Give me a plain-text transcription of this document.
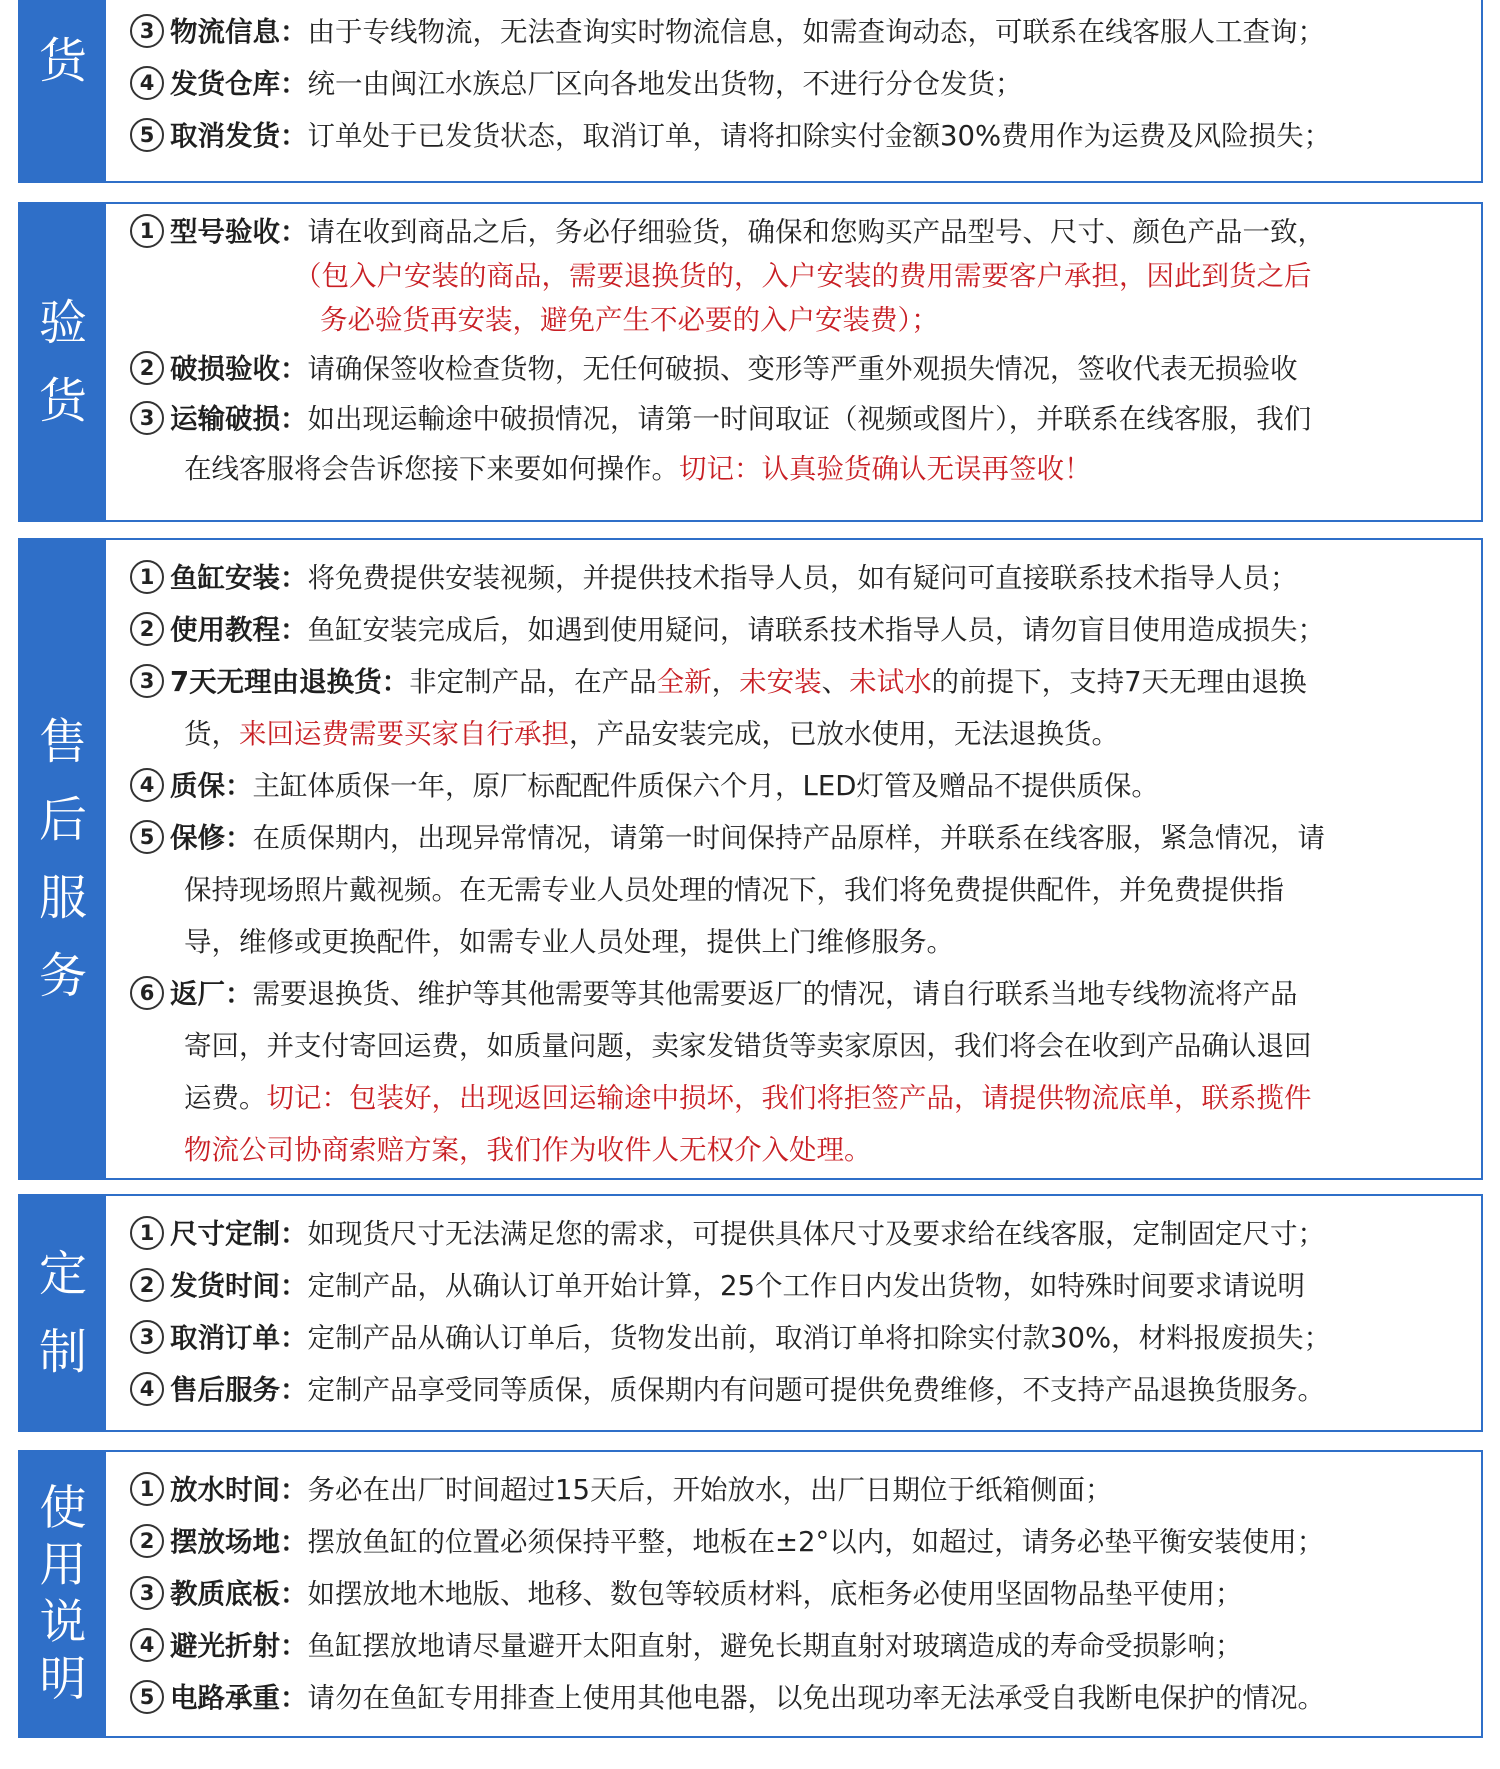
货
3 物流信息：由于专线物流，无法查询实时物流信息，如需查询动态，可联系在线客服人工查询；
4 发货仓库：统一由闽江水族总厂区向各地发出货物，不进行分仓发货；
5 取消发货：订单处于已发货状态，取消订单，请将扣除实付金额30%费用作为运费及风险损失；
验
货
1 型号验收：请在收到商品之后，务必仔细验货，确保和您购买产品型号、尺寸、颜色产品一致，
（包入户安装的商品，需要退换货的，入户安装的费用需要客户承担，因此到货之后
务必验货再安装，避免产生不必要的入户安装费）；
2 破损验收：请确保签收检查货物，无任何破损、变形等严重外观损失情况，签收代表无损验收
3 运输破损：如出现运輸途中破损情况，请第一时间取证（视频或图片），并联系在线客服，我们
在线客服将会告诉您接下来要如何操作。切记：认真验货确认无误再签收！
售
后
服
务
1 鱼缸安装：将免费提供安装视频，并提供技术指导人员，如有疑问可直接联系技术指导人员；
2 使用教程：鱼缸安装完成后，如遇到使用疑问，请联系技术指导人员，请勿盲目使用造成损失；
3 7天无理由退换货：非定制产品，在产品全新，未安装、未试水的前提下，支持7天无理由退换
货，来回运费需要买家自行承担，产品安装完成，已放水使用，无法退换货。
4 质保：主缸体质保一年，原厂标配配件质保六个月，LED灯管及赠品不提供质保。
5 保修：在质保期内，出现异常情况，请第一时间保持产品原样，并联系在线客服，紧急情况，请
保持现场照片戴视频。在无需专业人员处理的情况下，我们将免费提供配件，并免费提供指
导，维修或更换配件，如需专业人员处理，提供上门维修服务。
6 返厂：需要退换货、维护等其他需要等其他需要返厂的情况，请自行联系当地专线物流将产品
寄回，并支付寄回运费，如质量问题，卖家发错货等卖家原因，我们将会在收到产品确认退回
运费。切记：包装好，出现返回运输途中损坏，我们将拒签产品，请提供物流底单，联系揽件
物流公司协商索赔方案，我们作为收件人无权介入处理。
定
制
1 尺寸定制：如现货尺寸无法满足您的需求，可提供具体尺寸及要求给在线客服，定制固定尺寸；
2 发货时间：定制产品，从确认订单开始计算，25个工作日内发出货物，如特殊时间要求请说明
3 取消订单：定制产品从确认订单后，货物发出前，取消订单将扣除实付款30%，材料报废损失；
4 售后服务：定制产品享受同等质保，质保期内有问题可提供免费维修，不支持产品退换货服务。
使
用
说
明
1 放水时间：务必在出厂时间超过15天后，开始放水，出厂日期位于纸箱侧面；
2 摆放场地：摆放鱼缸的位置必须保持平整，地板在±2°以内，如超过，请务必垫平衡安装使用；
3 教质底板：如摆放地木地版、地移、数包等较质材料，底柜务必使用坚固物品垫平使用；
4 避光折射：鱼缸摆放地请尽量避开太阳直射，避免长期直射对玻璃造成的寿命受损影响；
5 电路承重：请勿在鱼缸专用排查上使用其他电器，以免出现功率无法承受自我断电保护的情况。
